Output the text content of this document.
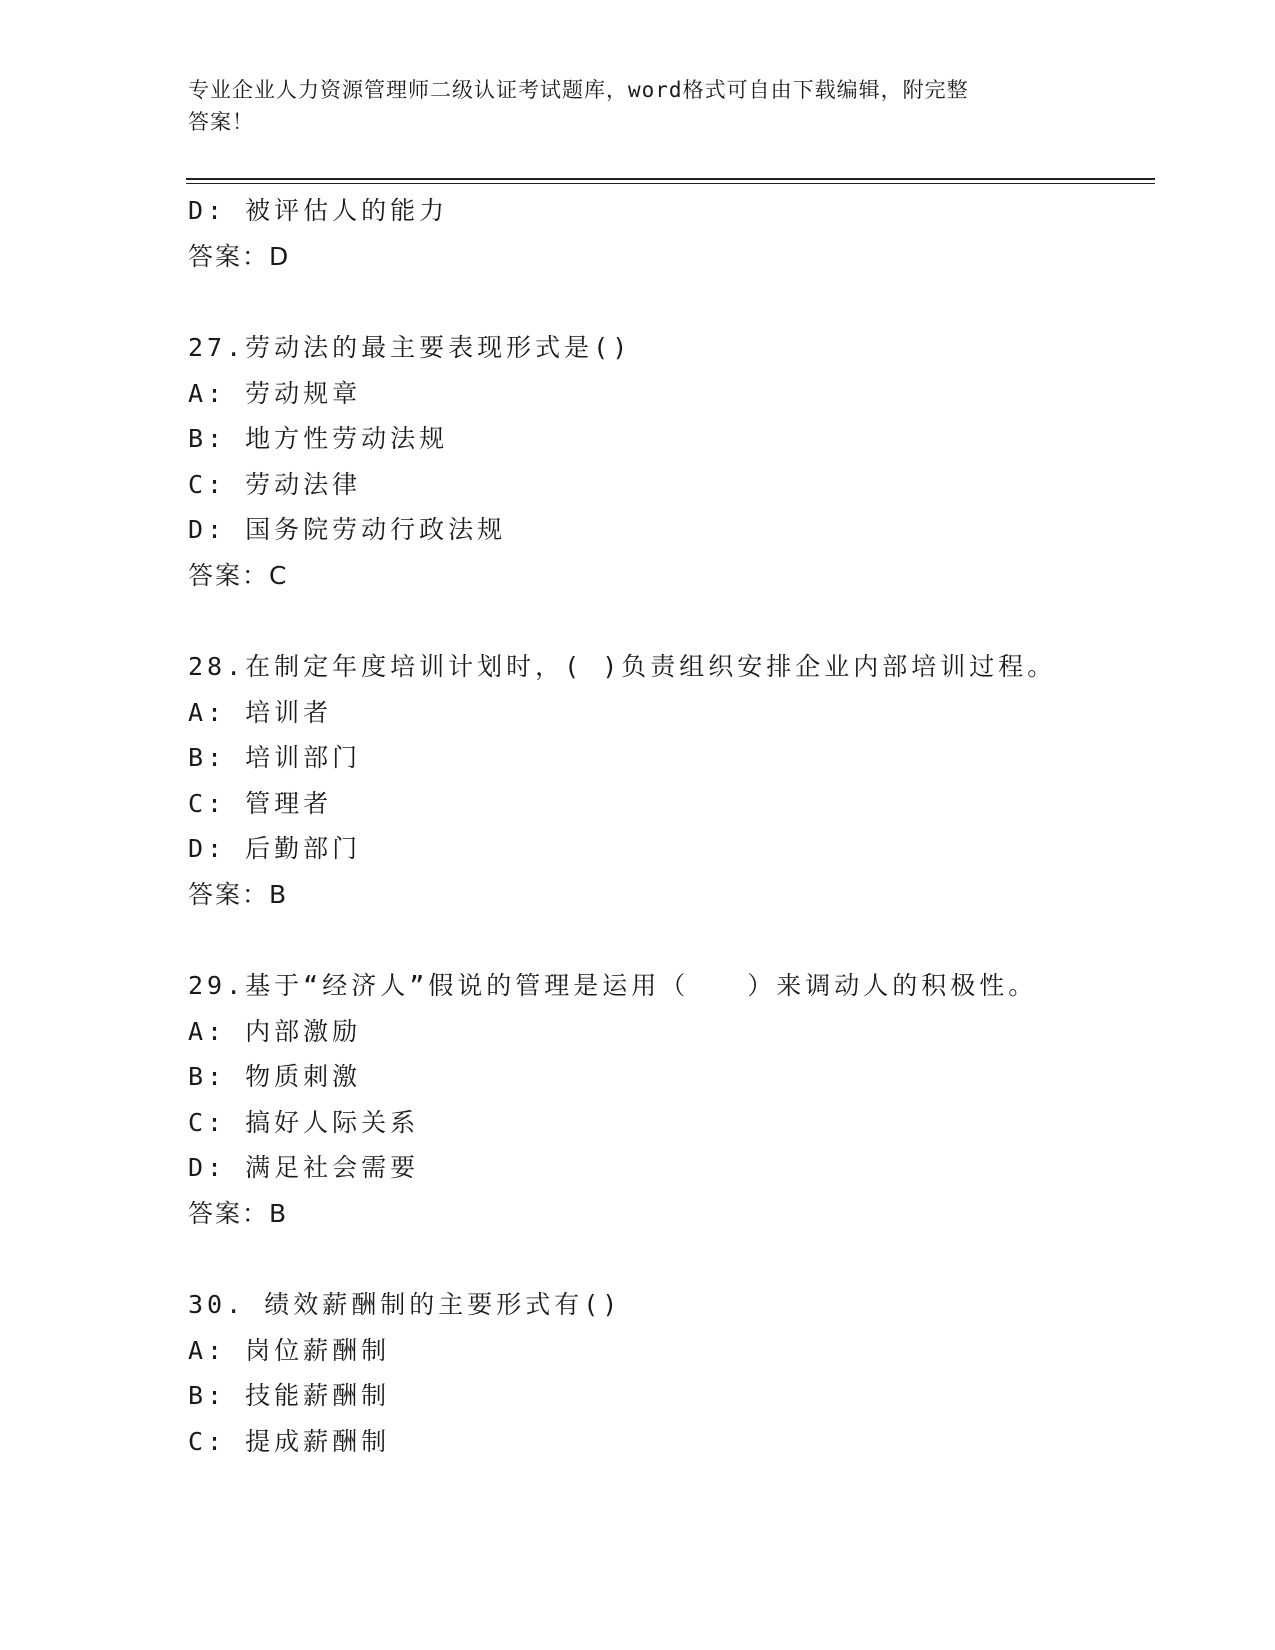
专业企业人力资源管理师二级认证考试题库，word格式可自由下载编辑，附完整
答案！
D: 被评估人的能力
答案：D
27.劳动法的最主要表现形式是()
A: 劳动规章
B: 地方性劳动法规
C: 劳动法律
D: 国务院劳动行政法规
答案：C
28.在制定年度培训计划时，( )负责组织安排企业内部培训过程。
A: 培训者
B: 培训部门
C: 管理者
D: 后勤部门
答案：B
29.基于“经济人”假说的管理是运用（　　）来调动人的积极性。
A: 内部激励
B: 物质刺激
C: 搞好人际关系
D: 满足社会需要
答案：B
30. 绩效薪酬制的主要形式有()
A: 岗位薪酬制
B: 技能薪酬制
C: 提成薪酬制
